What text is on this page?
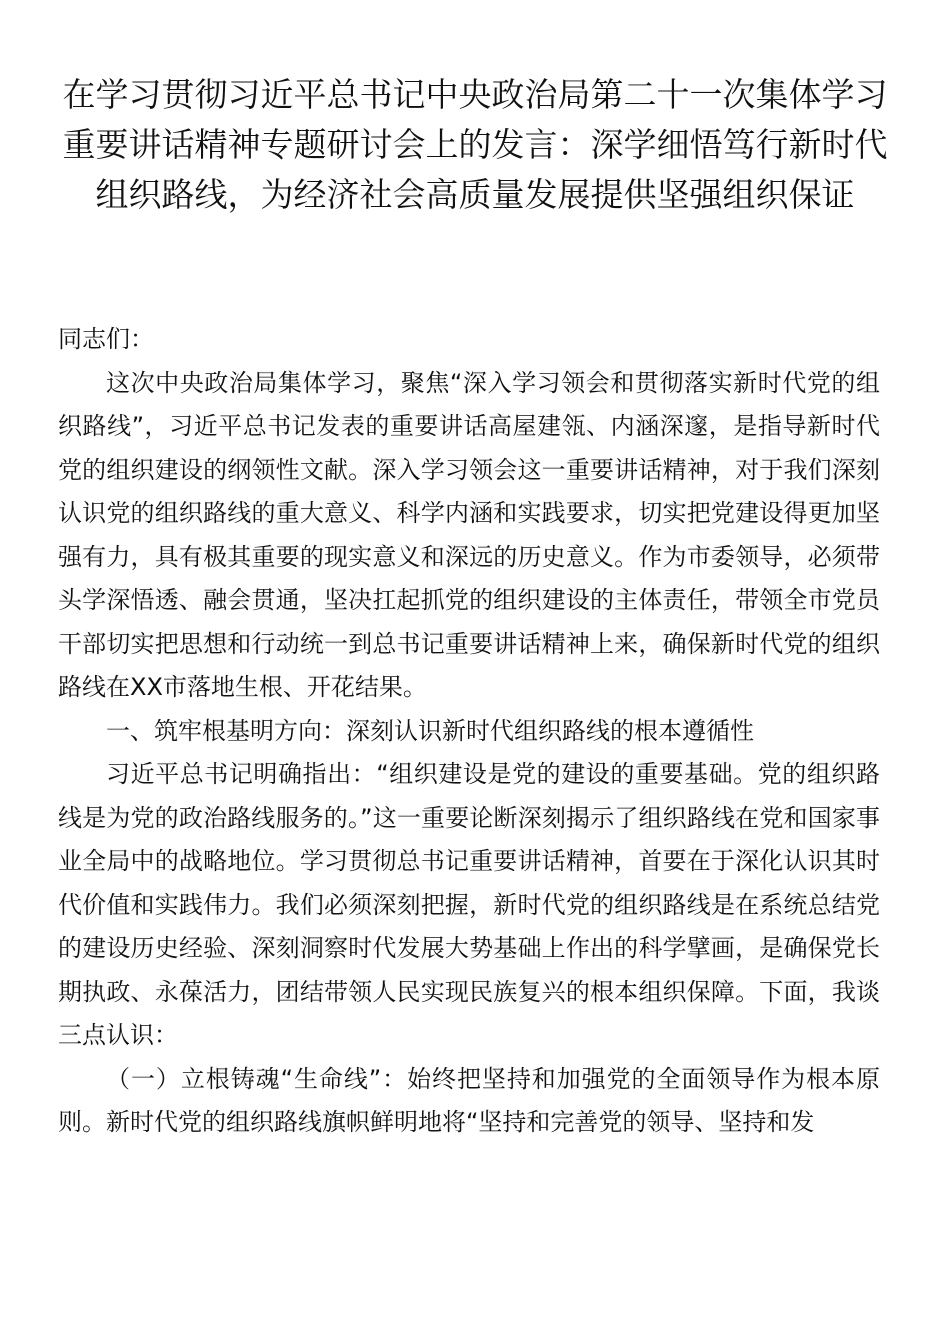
在学习贯彻习近平总书记中央政治局第二十一次集体学习重要讲话精神专题研讨会上的发言：深学细悟笃行新时代组织路线，为经济社会高质量发展提供坚强组织保证

同志们：

这次中央政治局集体学习，聚焦“深入学习领会和贯彻落实新时代党的组织路线”，习近平总书记发表的重要讲话高屋建瓴、内涵深邃，是指导新时代党的组织建设的纲领性文献。深入学习领会这一重要讲话精神，对于我们深刻认识党的组织路线的重大意义、科学内涵和实践要求，切实把党建设得更加坚强有力，具有极其重要的现实意义和深远的历史意义。作为市委领导，必须带头学深悟透、融会贯通，坚决扛起抓党的组织建设的主体责任，带领全市党员干部切实把思想和行动统一到总书记重要讲话精神上来，确保新时代党的组织路线在XX市落地生根、开花结果。

一、筑牢根基明方向：深刻认识新时代组织路线的根本遵循性

习近平总书记明确指出：“组织建设是党的建设的重要基础。党的组织路线是为党的政治路线服务的。”这一重要论断深刻揭示了组织路线在党和国家事业全局中的战略地位。学习贯彻总书记重要讲话精神，首要在于深化认识其时代价值和实践伟力。我们必须深刻把握，新时代党的组织路线是在系统总结党的建设历史经验、深刻洞察时代发展大势基础上作出的科学擘画，是确保党长期执政、永葆活力，团结带领人民实现民族复兴的根本组织保障。下面，我谈三点认识：

（一）立根铸魂“生命线”：始终把坚持和加强党的全面领导作为根本原则。新时代党的组织路线旗帜鲜明地将“坚持和完善党的领导、坚持和发
